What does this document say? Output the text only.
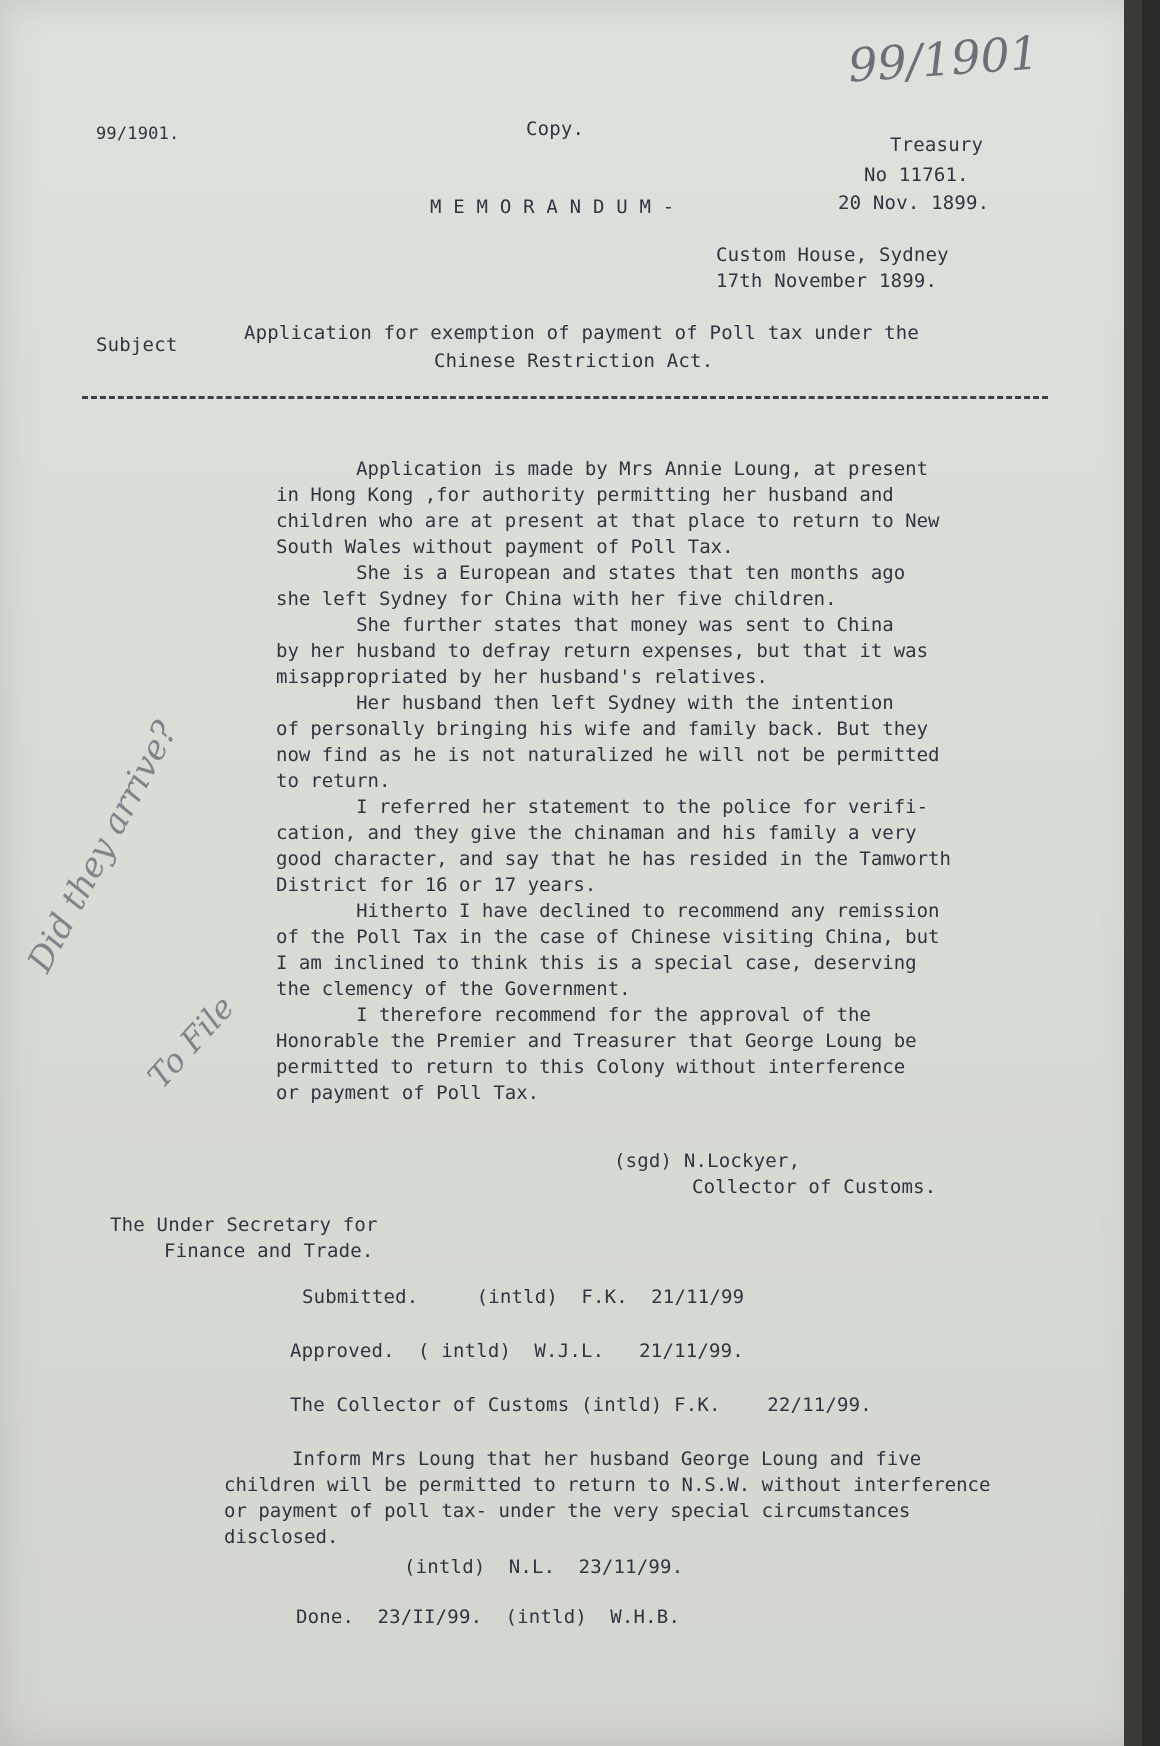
99/1901
99/1901.	Copy.
Treasury
No 11761.
20 Nov. 1899.
M E M O R A N D U M -
Custom House, Sydney
17th November 1899.
Subject
Application for exemption of payment of Poll tax under the
Chinese Restriction Act.

Application is made by Mrs Annie Loung, at present

in Hong Kong ,for authority permitting her husband and

children who are at present at that place to return to New

South Wales without payment of Poll Tax.

She is a European and states that ten months ago

she left Sydney for China with her five children.

She further states that money was sent to China

by her husband to defray return expenses, but that it was

misappropriated by her husband's relatives.

Her husband then left Sydney with the intention

of personally bringing his wife and family back. But they

now find as he is not naturalized he will not be permitted

to return.

I referred her statement to the police for verifi-

cation, and they give the chinaman and his family a very

good character, and say that he has resided in the Tamworth

District for 16 or 17 years.

Hitherto I have declined to recommend any remission

of the Poll Tax in the case of Chinese visiting China, but

I am inclined to think this is a special case, deserving

the clemency of the Government.

I therefore recommend for the approval of the

Honorable the Premier and Treasurer that George Loung be

permitted to return to this Colony without interference

or payment of Poll Tax.

Did they arrive?
To File
(sgd) N.Lockyer,
Collector of Customs.
The Under Secretary for
Finance and Trade.
Submitted.     (intld)  F.K.  21/11/99
Approved.  ( intld)  W.J.L.   21/11/99.
The Collector of Customs (intld) F.K.    22/11/99.

Inform Mrs Loung that her husband George Loung and five

children will be permitted to return to N.S.W. without interference

or payment of poll tax- under the very special circumstances

disclosed.

(intld)  N.L.  23/11/99.
Done.  23/II/99.  (intld)  W.H.B.
